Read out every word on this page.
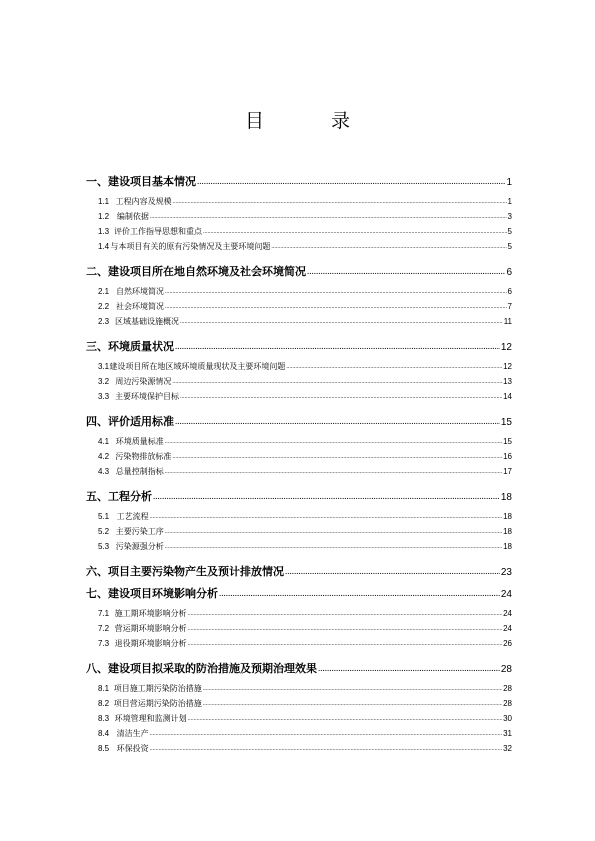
目　录
一、 建设项目基本情况 .....	1
1.1 工程内容及规模 .....	1
1.2 编制依据 .....	3
1.3 评价工作指导思想和重点 .....	5
1.4 与本项目有关的原有污染情况及主要环境问题 .....	5
二、 建设项目所在地自然环境及社会环境简况 .....	6
2.1 自然环境简况 .....	6
2.2 社会环境简况 .....	7
2.3 区域基础设施概况 .....	11
三、 环境质量状况 .....	12
3.1 建设项目所在地区域环境质量现状及主要环境问题 .....	12
3.2 周边污染源情况 .....	13
3.3 主要环境保护目标 .....	14
四、 评价适用标准 .....	15
4.1 环境质量标准 .....	15
4.2 污染物排放标准 .....	16
4.3 总量控制指标 .....	17
五、 工程分析 .....	18
5.1 工艺流程 .....	18
5.2 主要污染工序 .....	18
5.3 污染源强分析 .....	18
六、 项目主要污染物产生及预计排放情况 .....	23
七、 建设项目环境影响分析 .....	24
7.1 施工期环境影响分析 .....	24
7.2 营运期环境影响分析 .....	24
7.3 退役期环境影响分析 .....	26
八、 建设项目拟采取的防治措施及预期治理效果 .....	28
8.1 项目施工期污染防治措施 .....	28
8.2 项目营运期污染防治措施 .....	28
8.3 环境管理和监测计划 .....	30
8.4 清洁生产 .....	31
8.5 环保投资 .....	32
